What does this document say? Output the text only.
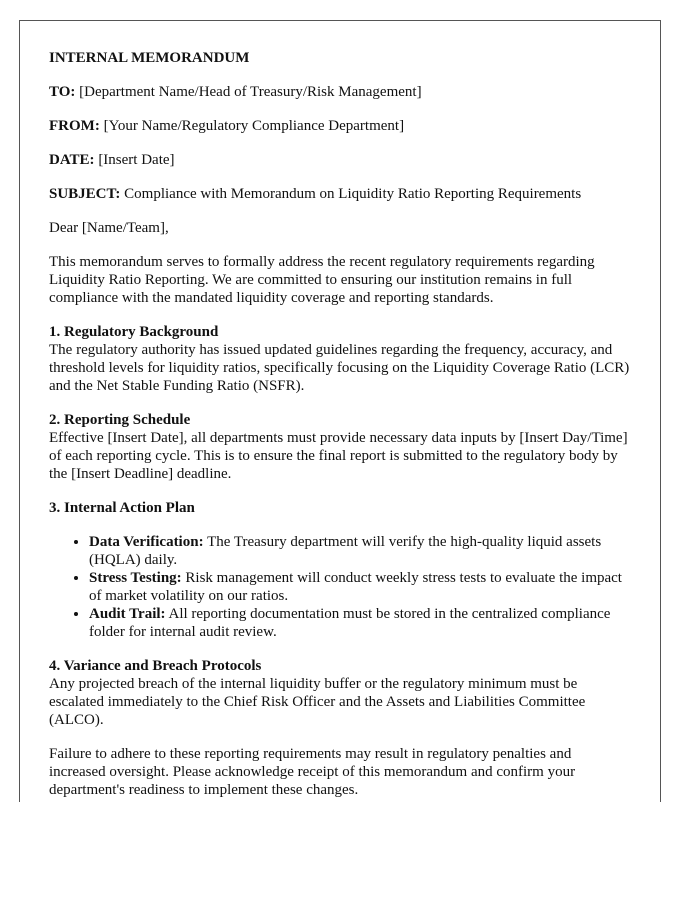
INTERNAL MEMORANDUM

TO: [Department Name/Head of Treasury/Risk Management]

FROM: [Your Name/Regulatory Compliance Department]

DATE: [Insert Date]

SUBJECT: Compliance with Memorandum on Liquidity Ratio Reporting Requirements

Dear [Name/Team],

This memorandum serves to formally address the recent regulatory requirements regarding Liquidity Ratio Reporting. We are committed to ensuring our institution remains in full compliance with the mandated liquidity coverage and reporting standards.

1. Regulatory Background

The regulatory authority has issued updated guidelines regarding the frequency, accuracy, and threshold levels for liquidity ratios, specifically focusing on the Liquidity Coverage Ratio (LCR) and the Net Stable Funding Ratio (NSFR).

2. Reporting Schedule

Effective [Insert Date], all departments must provide necessary data inputs by [Insert Day/Time] of each reporting cycle. This is to ensure the final report is submitted to the regulatory body by the [Insert Deadline] deadline.

3. Internal Action Plan

• Data Verification: The Treasury department will verify the high-quality liquid assets (HQLA) daily.
• Stress Testing: Risk management will conduct weekly stress tests to evaluate the impact of market volatility on our ratios.
• Audit Trail: All reporting documentation must be stored in the centralized compliance folder for internal audit review.

4. Variance and Breach Protocols

Any projected breach of the internal liquidity buffer or the regulatory minimum must be escalated immediately to the Chief Risk Officer and the Assets and Liabilities Committee (ALCO).

Failure to adhere to these reporting requirements may result in regulatory penalties and increased oversight. Please acknowledge receipt of this memorandum and confirm your department's readiness to implement these changes.
